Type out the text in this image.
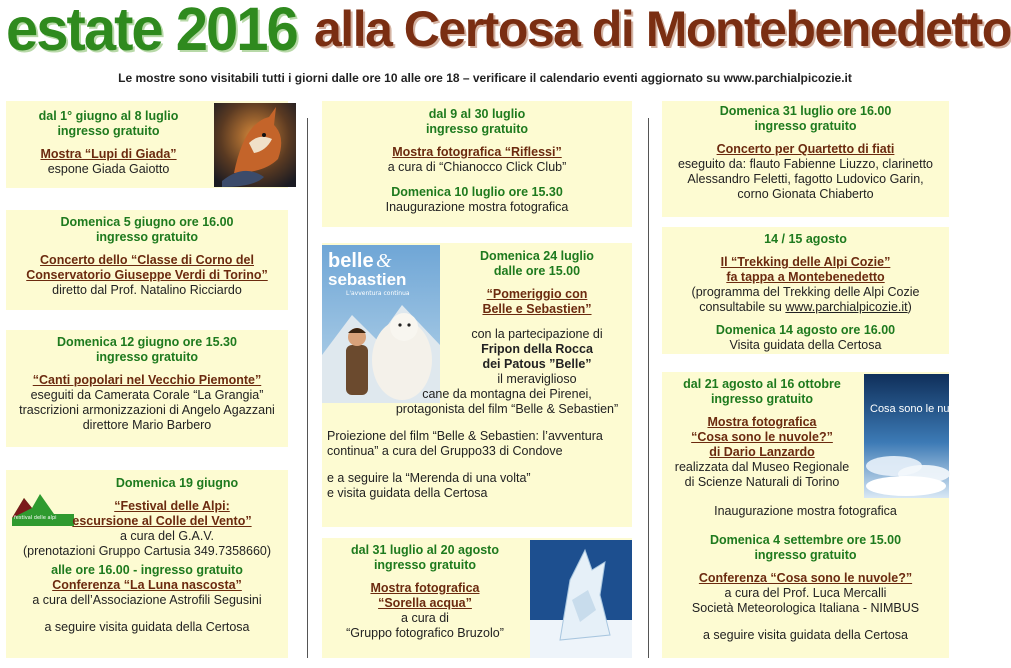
estate 2016 alla Certosa di Montebenedetto
Le mostre sono visitabili tutti i giorni dalle ore 10 alle ore 18 – verificare il calendario eventi aggiornato su www.parchialpicozie.it

dal 1° giugno al 8 luglio

ingresso gratuito

Mostra “Lupi di Giada”

espone Giada Gaiotto

Domenica 5 giugno ore 16.00

ingresso gratuito

Concerto dello “Classe di Corno del

Conservatorio Giuseppe Verdi di Torino”

diretto dal Prof. Natalino Ricciardo

Domenica 12 giugno ore 15.30

ingresso gratuito

“Canti popolari nel Vecchio Piemonte”

eseguiti da Camerata Corale “La Grangia”

trascrizioni armonizzazioni di Angelo Agazzani

direttore Mario Barbero

festival delle alpi

Domenica 19 giugno

“Festival delle Alpi:

escursione al Colle del Vento”

a cura del G.A.V.

(prenotazioni Gruppo Cartusia 349.7358660)

alle ore 16.00 - ingresso gratuito

Conferenza “La Luna nascosta”

a cura dell’Associazione Astrofili Segusini

a seguire visita guidata della Certosa

dal 9 al 30 luglio

ingresso gratuito

Mostra fotografica “Riflessi”

a cura di “Chianocco Click Club”

Domenica 10 luglio ore 15.30

Inaugurazione mostra fotografica

belle &
sebastien
L'avventura continua

Domenica 24 luglio

dalle ore 15.00

“Pomeriggio con

Belle e Sebastien”

con la partecipazione di

Fripon della Rocca

dei Patous ”Belle”

il meraviglioso

cane da montagna dei Pirenei,

protagonista del film “Belle & Sebastien”

Proiezione del film “Belle & Sebastien: l’avventura

continua” a cura del Gruppo33 di Condove

e a seguire la “Merenda di una volta”

e visita guidata della Certosa

dal 31 luglio al 20 agosto

ingresso gratuito

Mostra fotografica

“Sorella acqua”

a cura di

“Gruppo fotografico Bruzolo”

Domenica 31 luglio ore 16.00

ingresso gratuito

Concerto per Quartetto di fiati

eseguito da: flauto Fabienne Liuzzo, clarinetto

Alessandro Feletti, fagotto Ludovico Garin,

corno Gionata Chiaberto

14 / 15 agosto

Il “Trekking delle Alpi Cozie”

fa tappa a Montebenedetto

(programma del Trekking delle Alpi Cozie

consultabile su www.parchialpicozie.it)

Domenica 14 agosto ore 16.00

Visita guidata della Certosa

dal 21 agosto al 16 ottobre

ingresso gratuito

Mostra fotografica

“Cosa sono le nuvole?”

di Dario Lanzardo

realizzata dal Museo Regionale

di Scienze Naturali di Torino

Cosa sono le nuvole?

Inaugurazione mostra fotografica

Domenica 4 settembre ore 15.00

ingresso gratuito

Conferenza “Cosa sono le nuvole?”

a cura del Prof. Luca Mercalli

Società Meteorologica Italiana - NIMBUS

a seguire visita guidata della Certosa
